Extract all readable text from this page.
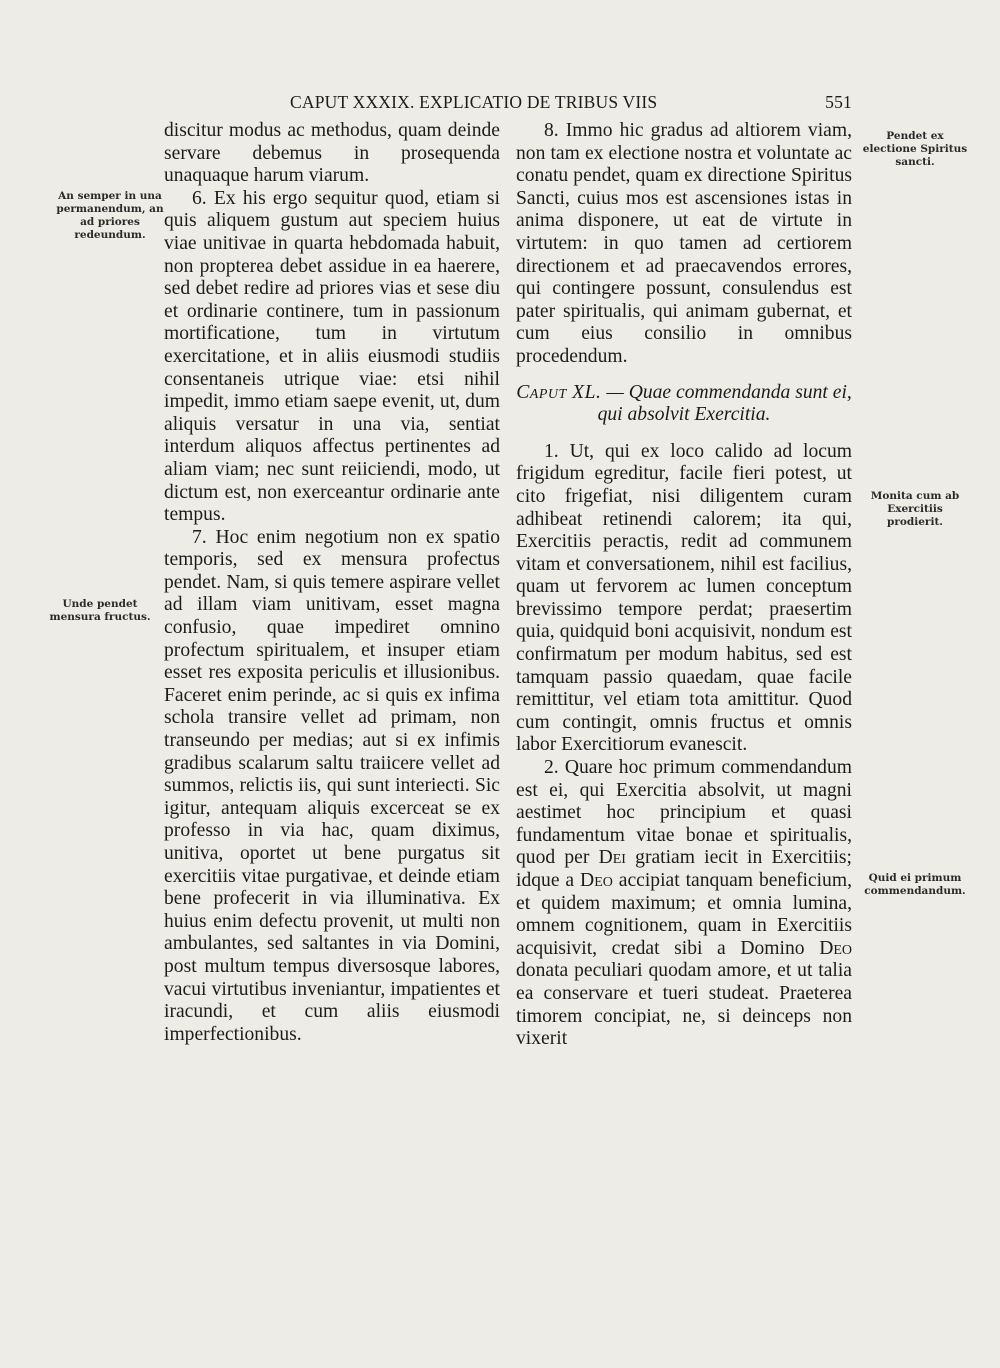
CAPUT XXXIX. EXPLICATIO DE TRIBUS VIIS	551
An semper in una permanendum, an ad priores redeundum.
Unde pendet mensura fructus.
Pendet ex electione Spiritus sancti.
Monita cum ab Exercitiis prodierit.
Quid ei primum commendandum.

discitur modus ac methodus, quam deinde servare debemus in prosequenda unaquaque harum viarum.

6. Ex his ergo sequitur quod, etiam si quis aliquem gustum aut speciem huius viae unitivae in quarta hebdomada habuit, non propterea debet assidue in ea haerere, sed debet redire ad priores vias et sese diu et ordinarie continere, tum in passionum mortificatione, tum in virtutum exercitatione, et in aliis eiusmodi studiis consentaneis utrique viae: etsi nihil impedit, immo etiam saepe evenit, ut, dum aliquis versatur in una via, sentiat interdum aliquos affectus pertinentes ad aliam viam; nec sunt reiiciendi, modo, ut dictum est, non exerceantur ordinarie ante tempus.

7. Hoc enim negotium non ex spatio temporis, sed ex mensura profectus pendet. Nam, si quis temere aspirare vellet ad illam viam unitivam, esset magna confusio, quae impediret omnino profectum spiritualem, et insuper etiam esset res exposita periculis et illusionibus. Faceret enim perinde, ac si quis ex infima schola transire vellet ad primam, non transeundo per medias; aut si ex infimis gradibus scalarum saltu traiicere vellet ad summos, relictis iis, qui sunt interiecti. Sic igitur, antequam aliquis excerceat se ex professo in via hac, quam diximus, unitiva, oportet ut bene purgatus sit exercitiis vitae purgativae, et deinde etiam bene profecerit in via illuminativa. Ex huius enim defectu provenit, ut multi non ambulantes, sed saltantes in via Domini, post multum tempus diversosque labores, vacui virtutibus inveniantur, impatientes et iracundi, et cum aliis eiusmodi imperfectionibus.

8. Immo hic gradus ad altiorem viam, non tam ex electione nostra et voluntate ac conatu pendet, quam ex directione Spiritus Sancti, cuius mos est ascensiones istas in anima disponere, ut eat de virtute in virtutem: in quo tamen ad certiorem directionem et ad praecavendos errores, qui contingere possunt, consulendus est pater spiritualis, qui animam gubernat, et cum eius consilio in omnibus procedendum.

Caput XL. — Quae commendanda sunt ei, qui absolvit Exercitia.

1. Ut, qui ex loco calido ad locum frigidum egreditur, facile fieri potest, ut cito frigefiat, nisi diligentem curam adhibeat retinendi calorem; ita qui, Exercitiis peractis, redit ad communem vitam et conversationem, nihil est facilius, quam ut fervorem ac lumen conceptum brevissimo tempore perdat; praesertim quia, quidquid boni acquisivit, nondum est confirmatum per modum habitus, sed est tamquam passio quaedam, quae facile remittitur, vel etiam tota amittitur. Quod cum contingit, omnis fructus et omnis labor Exercitiorum evanescit.

2. Quare hoc primum commendandum est ei, qui Exercitia absolvit, ut magni aestimet hoc principium et quasi fundamentum vitae bonae et spiritualis, quod per Dei gratiam iecit in Exercitiis; idque a Deo accipiat tanquam beneficium, et quidem maximum; et omnia lumina, omnem cognitionem, quam in Exercitiis acquisivit, credat sibi a Domino Deo donata peculiari quodam amore, et ut talia ea conservare et tueri studeat. Praeterea timorem concipiat, ne, si deinceps non vixerit
